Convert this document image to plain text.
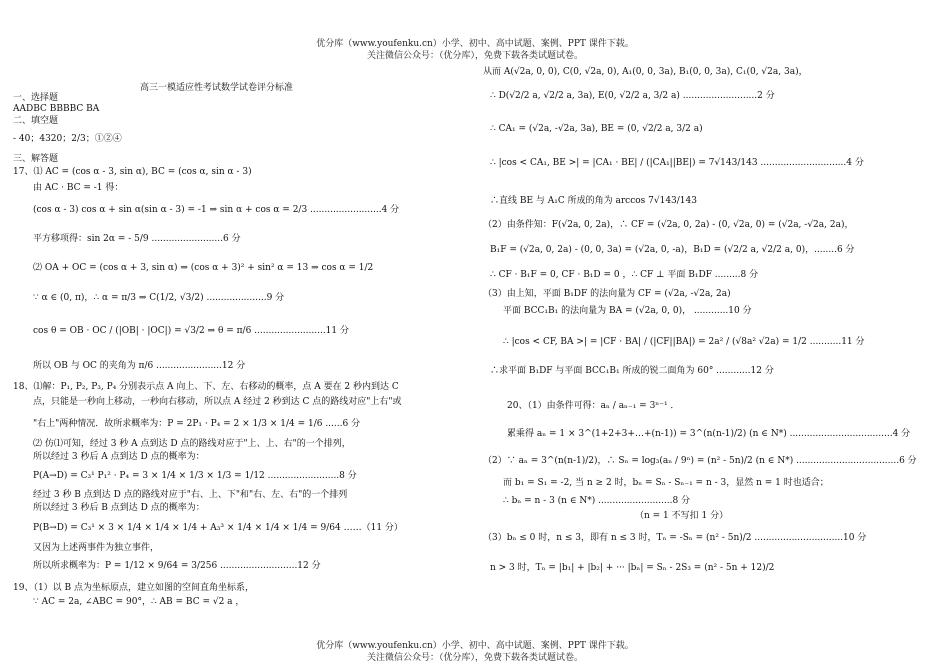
优分库（www.youfenku.cn）小学、初中、高中试题、案例、PPT 课件下载。
关注微信公众号：（优分库），免费下载各类试题试卷。
高三一模适应性考试数学试卷评分标准
一、选择题
AADBC BBBBC BA
二、填空题
- 40；4320；2/3；①②④
三、解答题
17、⑴ AC = (cos α - 3, sin α), BC = (cos α, sin α - 3)
由 AC · BC = -1 得：
(cos α - 3) cos α + sin α(sin α - 3) = -1 ⇒ sin α + cos α = 2/3 .........................4 分
平方移项得：sin 2α = - 5/9 .........................6 分
⑵ OA + OC = (cos α + 3, sin α) ⇒ (cos α + 3)² + sin² α = 13 ⇒ cos α = 1/2
∵ α ∈ (0, π)，∴ α = π/3 ⇒ C(1/2, √3/2) .....................9 分
cos θ = OB · OC / (|OB| · |OC|) = √3/2 ⇒ θ = π/6 .........................11 分
所以 OB 与 OC 的夹角为 π/6 .......................12 分
18、⑴解：P₁, P₂, P₃, P₄ 分别表示点 A 向上、下、左、右移动的概率，点 A 要在 2 秒内到达 C
点，只能是一秒向上移动，一秒向右移动，所以点 A 经过 2 秒到达 C 点的路线对应"上右"或
"右上"两种情况．故所求概率为：P = 2P₁ · P₄ = 2 × 1/3 × 1/4 = 1/6 ......6 分
⑵ 仿⑴可知，经过 3 秒 A 点到达 D 点的路线对应于"上、上、右"的一个排列，
所以经过 3 秒后 A 点到达 D 点的概率为：
P(A→D) = C₃¹ P₁² · P₄ = 3 × 1/4 × 1/3 × 1/3 = 1/12 .........................8 分
经过 3 秒 B 点到达 D 点的路线对应于"右、上、下"和"右、左、右"的一个排列
所以经过 3 秒后 B 点到达 D 点的概率为：
P(B→D) = C₃¹ × 3 × 1/4 × 1/4 × 1/4 + A₃³ × 1/4 × 1/4 × 1/4 = 9/64 ……（11 分）
又因为上述两事件为独立事件，
所以所求概率为：P = 1/12 × 9/64 = 3/256 ...........................12 分
19、（1）以 B 点为坐标原点，建立如图的空间直角坐标系，
∵ AC = 2a, ∠ABC = 90°，∴ AB = BC = √2 a ，
从而 A(√2a, 0, 0), C(0, √2a, 0), A₁(0, 0, 3a), B₁(0, 0, 3a), C₁(0, √2a, 3a)，
∴ D(√2/2 a, √2/2 a, 3a), E(0, √2/2 a, 3/2 a) ..........................2 分
∴ CA₁ = (√2a, -√2a, 3a), BE = (0, √2/2 a, 3/2 a)
∴ |cos < CA₁, BE >| = |CA₁ · BE| / (|CA₁||BE|) = 7√143/143 ..............................4 分
∴直线 BE 与 A₁C 所成的角为 arccos 7√143/143
（2）由条件知：F(√2a, 0, 2a)，∴ CF = (√2a, 0, 2a) - (0, √2a, 0) = (√2a, -√2a, 2a)，
B₁F = (√2a, 0, 2a) - (0, 0, 3a) = (√2a, 0, -a)，B₁D = (√2/2 a, √2/2 a, 0)，........6 分
∴ CF · B₁F = 0, CF · B₁D = 0 ，∴ CF ⊥ 平面 B₁DF .........8 分
（3）由上知，平面 B₁DF 的法向量为 CF = (√2a, -√2a, 2a)
平面 BCC₁B₁ 的法向量为 BA = (√2a, 0, 0)， ............10 分
∴ |cos < CF, BA >| = |CF · BA| / (|CF||BA|) = 2a² / (√8a² √2a) = 1/2 ...........11 分
∴求平面 B₁DF 与平面 BCC₁B₁ 所成的锐二面角为 60° ............12 分
20、（1）由条件可得：aₙ / aₙ₋₁ = 3ⁿ⁻¹ ．
累乘得 aₙ = 1 × 3^(1+2+3+…+(n-1)) = 3^(n(n-1)/2) (n ∈ N*) ....................................4 分
（2）∵ aₙ = 3^(n(n-1)/2)，∴ Sₙ = log₃(aₙ / 9ⁿ) = (n² - 5n)/2 (n ∈ N*) ....................................6 分
而 b₁ = S₁ = -2, 当 n ≥ 2 时，bₙ = Sₙ - Sₙ₋₁ = n - 3，显然 n = 1 时也适合；
∴ bₙ = n - 3 (n ∈ N*) ..........................8 分
（n = 1 不写扣 1 分）
（3）bₙ ≤ 0 时，n ≤ 3，即有 n ≤ 3 时，Tₙ = -Sₙ = (n² - 5n)/2 ...............................10 分
n > 3 时，Tₙ = |b₁| + |b₂| + ··· |bₙ| = Sₙ - 2S₃ = (n² - 5n + 12)/2
优分库（www.youfenku.cn）小学、初中、高中试题、案例、PPT 课件下载。
关注微信公众号：（优分库），免费下载各类试题试卷。
